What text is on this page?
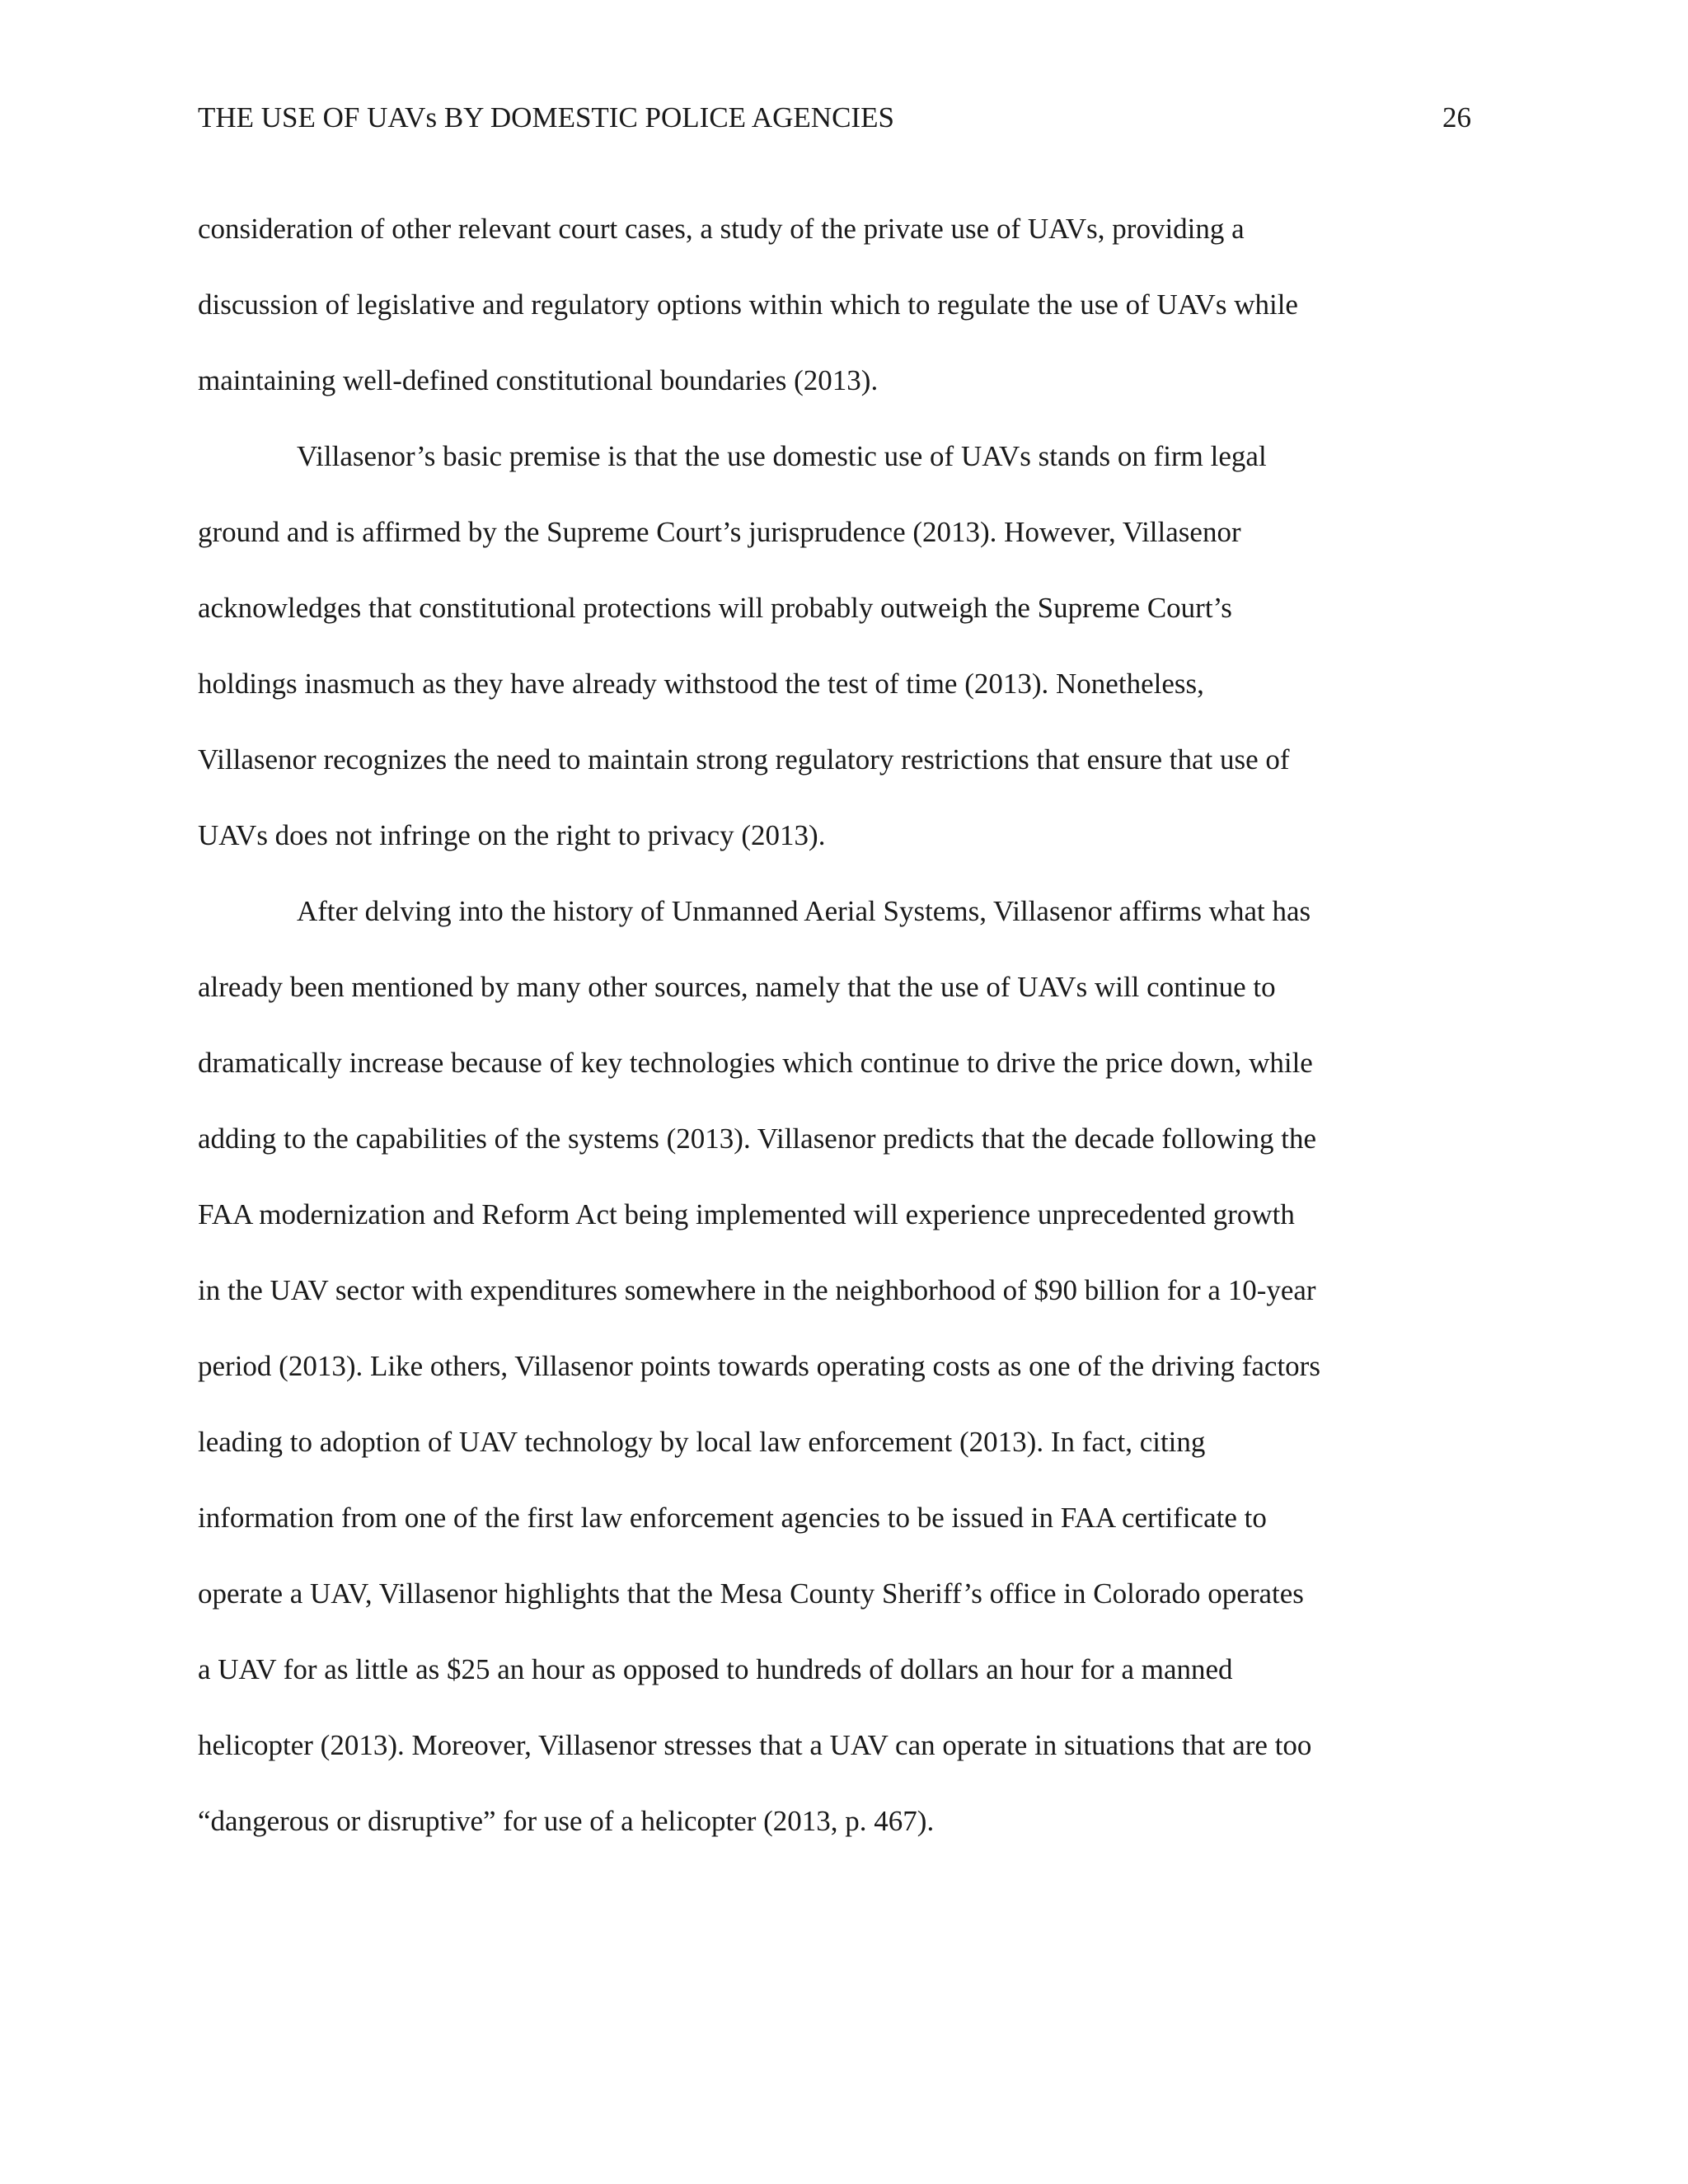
THE USE OF UAVs BY DOMESTIC POLICE AGENCIES	26
consideration of other relevant court cases, a study of the private use of UAVs, providing a
discussion of legislative and regulatory options within which to regulate the use of UAVs while
maintaining well-defined constitutional boundaries (2013).
Villasenor’s basic premise is that the use domestic use of UAVs stands on firm legal
ground and is affirmed by the Supreme Court’s jurisprudence (2013). However, Villasenor
acknowledges that constitutional protections will probably outweigh the Supreme Court’s
holdings inasmuch as they have already withstood the test of time (2013). Nonetheless,
Villasenor recognizes the need to maintain strong regulatory restrictions that ensure that use of
UAVs does not infringe on the right to privacy (2013).
After delving into the history of Unmanned Aerial Systems, Villasenor affirms what has
already been mentioned by many other sources, namely that the use of UAVs will continue to
dramatically increase because of key technologies which continue to drive the price down, while
adding to the capabilities of the systems (2013). Villasenor predicts that the decade following the
FAA modernization and Reform Act being implemented will experience unprecedented growth
in the UAV sector with expenditures somewhere in the neighborhood of $90 billion for a 10-year
period (2013). Like others, Villasenor points towards operating costs as one of the driving factors
leading to adoption of UAV technology by local law enforcement (2013). In fact, citing
information from one of the first law enforcement agencies to be issued in FAA certificate to
operate a UAV, Villasenor highlights that the Mesa County Sheriff’s office in Colorado operates
a UAV for as little as $25 an hour as opposed to hundreds of dollars an hour for a manned
helicopter (2013). Moreover, Villasenor stresses that a UAV can operate in situations that are too
“dangerous or disruptive” for use of a helicopter (2013, p. 467).
